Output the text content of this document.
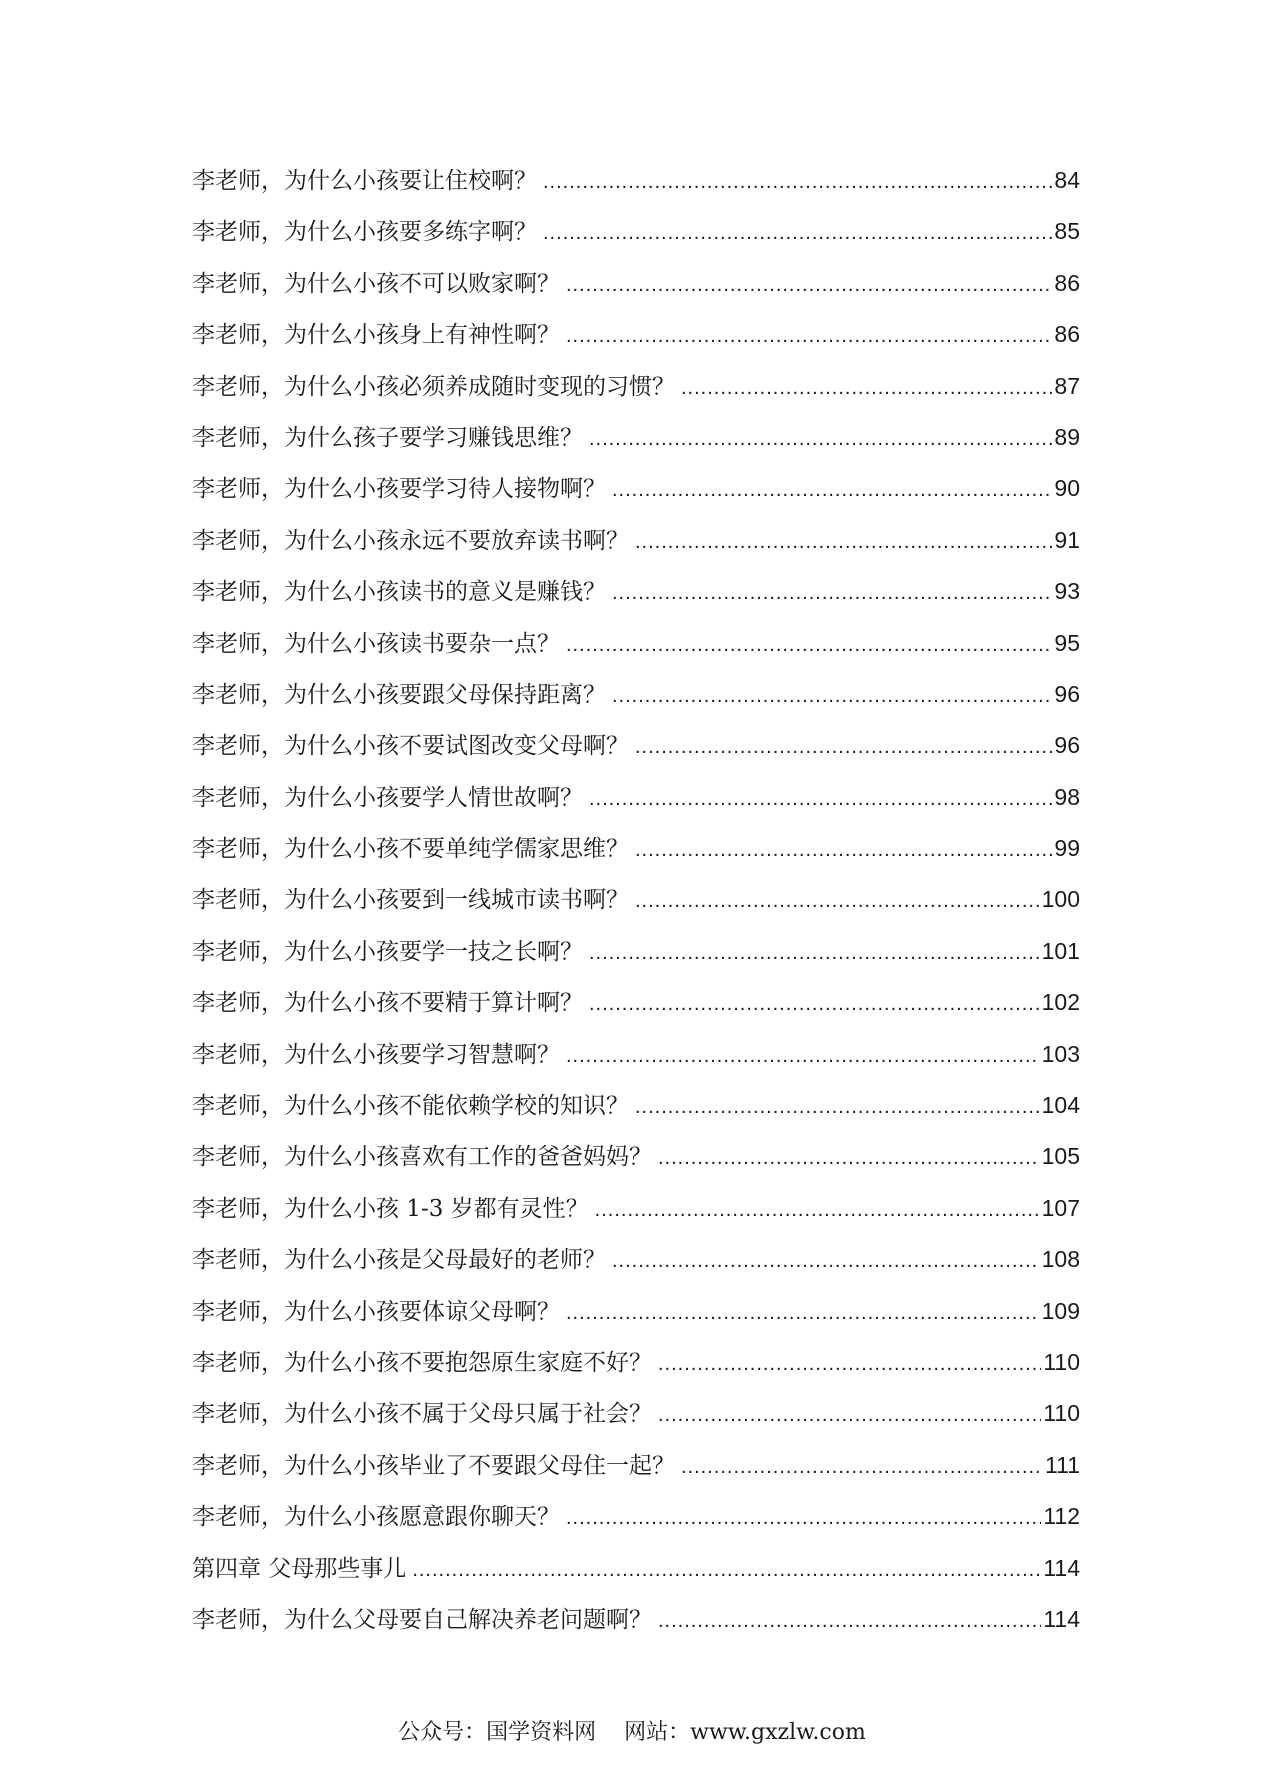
李老师，为什么小孩要让住校啊？ .....	84
李老师，为什么小孩要多练字啊？ .....	85
李老师，为什么小孩不可以败家啊？ .....	86
李老师，为什么小孩身上有神性啊？ .....	86
李老师，为什么小孩必须养成随时变现的习惯？ .....	87
李老师，为什么孩子要学习赚钱思维？ .....	89
李老师，为什么小孩要学习待人接物啊？ .....	90
李老师，为什么小孩永远不要放弃读书啊？ .....	91
李老师，为什么小孩读书的意义是赚钱？ .....	93
李老师，为什么小孩读书要杂一点？ .....	95
李老师，为什么小孩要跟父母保持距离？ .....	96
李老师，为什么小孩不要试图改变父母啊？ .....	96
李老师，为什么小孩要学人情世故啊？ .....	98
李老师，为什么小孩不要单纯学儒家思维？ .....	99
李老师，为什么小孩要到一线城市读书啊？ .....	100
李老师，为什么小孩要学一技之长啊？ .....	101
李老师，为什么小孩不要精于算计啊？ .....	102
李老师，为什么小孩要学习智慧啊？ .....	103
李老师，为什么小孩不能依赖学校的知识？ .....	104
李老师，为什么小孩喜欢有工作的爸爸妈妈？ .....	105
李老师，为什么小孩 1-3 岁都有灵性？ .....	107
李老师，为什么小孩是父母最好的老师？ .....	108
李老师，为什么小孩要体谅父母啊？ .....	109
李老师，为什么小孩不要抱怨原生家庭不好？ .....	110
李老师，为什么小孩不属于父母只属于社会？ .....	110
李老师，为什么小孩毕业了不要跟父母住一起？ .....	111
李老师，为什么小孩愿意跟你聊天？ .....	112
第四章 父母那些事儿 .....	114
李老师，为什么父母要自己解决养老问题啊？ .....	114
公众号：国学资料网 网站：www.gxzlw.com
